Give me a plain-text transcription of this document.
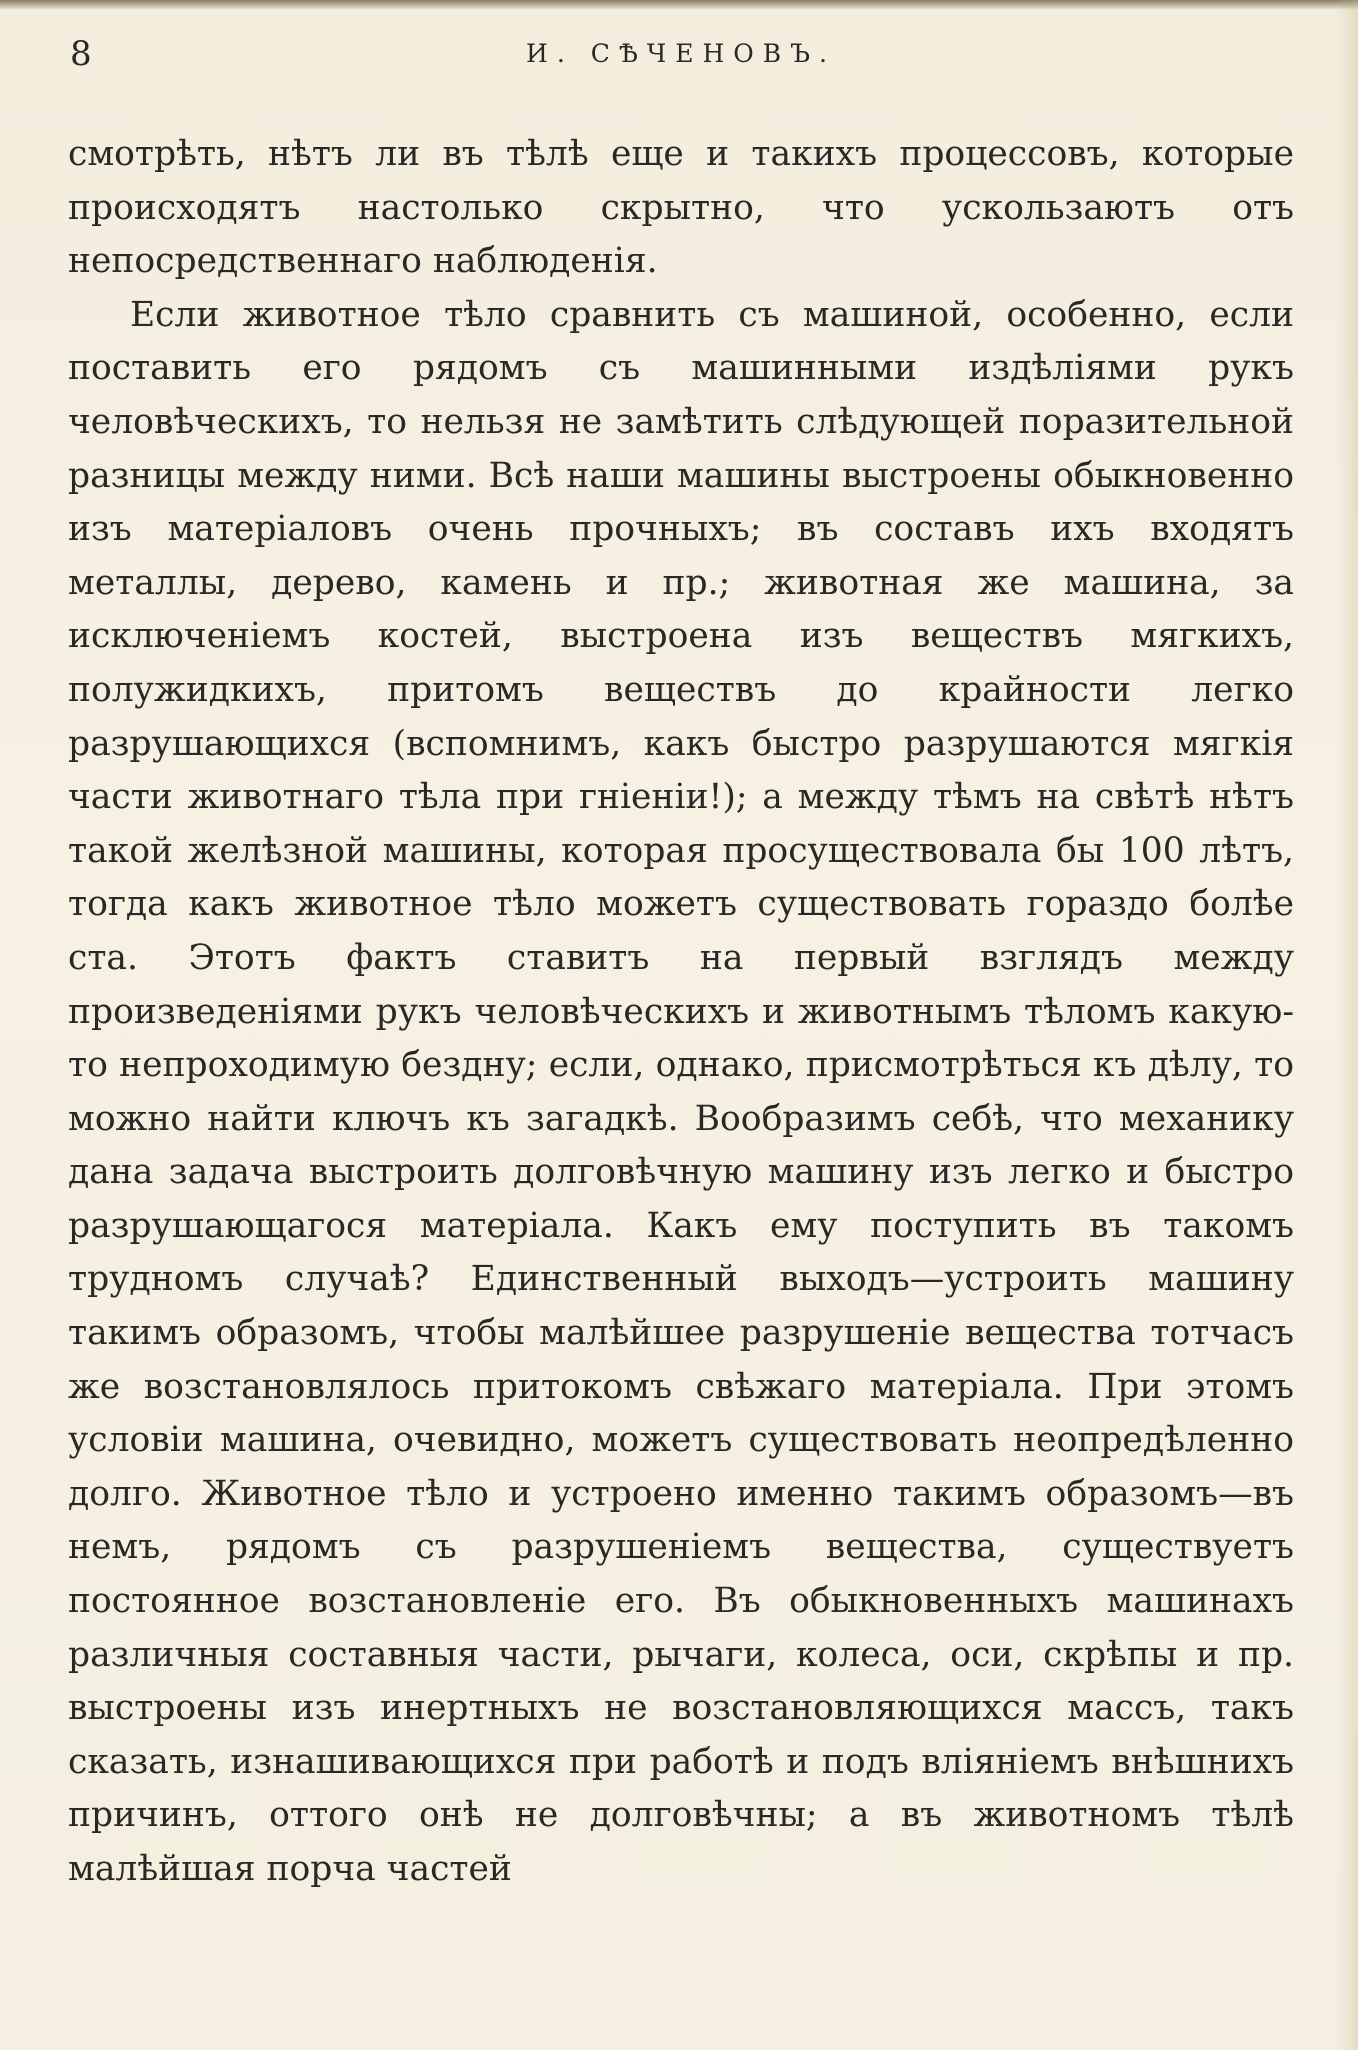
8	И. СѢЧЕНОВЪ.

смотрѣть, нѣтъ ли въ тѣлѣ еще и такихъ процессовъ, которые происходятъ настолько скрытно, что ускользаютъ отъ непосредственнаго наблюденія.

Если животное тѣло сравнить съ машиной, особенно, если поставить его рядомъ съ машинными издѣліями рукъ человѣческихъ, то нельзя не замѣтить слѣдующей поразительной разницы между ними. Всѣ наши машины выстроены обыкновенно изъ матеріаловъ очень прочныхъ; въ составъ ихъ входятъ металлы, дерево, камень и пр.; животная же машина, за исключеніемъ костей, выстроена изъ веществъ мягкихъ, полужидкихъ, притомъ веществъ до крайности легко разрушающихся (вспомнимъ, какъ быстро разрушаются мягкія части животнаго тѣла при гніеніи!); а между тѣмъ на свѣтѣ нѣтъ такой желѣзной машины, которая просуществовала бы 100 лѣтъ, тогда какъ животное тѣло можетъ существовать гораздо болѣе ста. Этотъ фактъ ставитъ на первый взглядъ между произведеніями рукъ человѣческихъ и животнымъ тѣломъ какую-то непроходимую бездну; если, однако, присмотрѣться къ дѣлу, то можно найти ключъ къ загадкѣ. Вообразимъ себѣ, что механику дана задача выстроить долговѣчную машину изъ легко и быстро разрушающагося матеріала. Какъ ему поступить въ такомъ трудномъ случаѣ? Единственный выходъ—устроить машину такимъ образомъ, чтобы малѣйшее разрушеніе вещества тотчасъ же возстановлялось притокомъ свѣжаго матеріала. При этомъ условіи машина, очевидно, можетъ существовать неопредѣленно долго. Животное тѣло и устроено именно такимъ образомъ—въ немъ, рядомъ съ разрушеніемъ вещества, существуетъ постоянное возстановленіе его. Въ обыкновенныхъ машинахъ различныя составныя части, рычаги, колеса, оси, скрѣпы и пр. выстроены изъ инертныхъ не возстановляющихся массъ, такъ сказать, изнашивающихся при работѣ и подъ вліяніемъ внѣшнихъ причинъ, оттого онѣ не долговѣчны; а въ животномъ тѣлѣ малѣйшая порча частей
